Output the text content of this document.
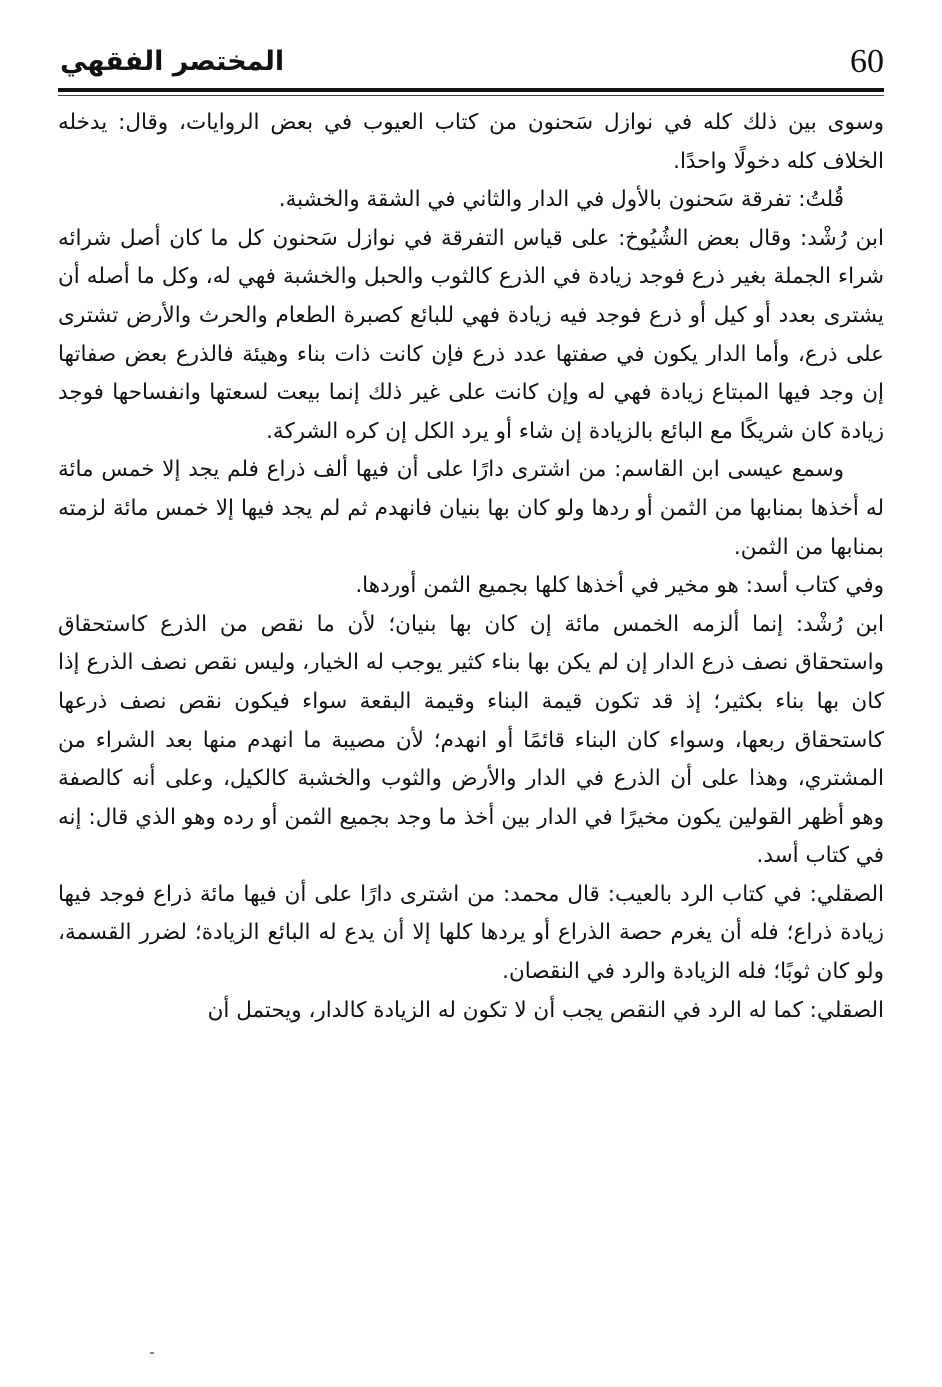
60
المختصر الفقهي

وسوى بين ذلك كله في نوازل سَحنون من كتاب العيوب في بعض الروايات، وقال: يدخله الخلاف كله دخولًا واحدًا.

قُلتُ: تفرقة سَحنون بالأول في الدار والثاني في الشقة والخشبة.

ابن رُشْد: وقال بعض الشُيُوخ: على قياس التفرقة في نوازل سَحنون كل ما كان أصل شرائه شراء الجملة بغير ذرع فوجد زيادة في الذرع كالثوب والحبل والخشبة فهي له، وكل ما أصله أن يشترى بعدد أو كيل أو ذرع فوجد فيه زيادة فهي للبائع كصبرة الطعام والحرث والأرض تشترى على ذرع، وأما الدار يكون في صفتها عدد ذرع فإن كانت ذات بناء وهيئة فالذرع بعض صفاتها إن وجد فيها المبتاع زيادة فهي له وإن كانت على غير ذلك إنما بيعت لسعتها وانفساحها فوجد زيادة كان شريكًا مع البائع بالزيادة إن شاء أو يرد الكل إن كره الشركة.

وسمع عيسى ابن القاسم: من اشترى دارًا على أن فيها ألف ذراع فلم يجد إلا خمس مائة له أخذها بمنابها من الثمن أو ردها ولو كان بها بنيان فانهدم ثم لم يجد فيها إلا خمس مائة لزمته بمنابها من الثمن.

وفي كتاب أسد: هو مخير في أخذها كلها بجميع الثمن أوردها.

ابن رُشْد: إنما ألزمه الخمس مائة إن كان بها بنيان؛ لأن ما نقص من الذرع كاستحقاق واستحقاق نصف ذرع الدار إن لم يكن بها بناء كثير يوجب له الخيار، وليس نقص نصف الذرع إذا كان بها بناء بكثير؛ إذ قد تكون قيمة البناء وقيمة البقعة سواء فيكون نقص نصف ذرعها كاستحقاق ربعها، وسواء كان البناء قائمًا أو انهدم؛ لأن مصيبة ما انهدم منها بعد الشراء من المشتري، وهذا على أن الذرع في الدار والأرض والثوب والخشبة كالكيل، وعلى أنه كالصفة وهو أظهر القولين يكون مخيرًا في الدار بين أخذ ما وجد بجميع الثمن أو رده وهو الذي قال: إنه في كتاب أسد.

الصقلي: في كتاب الرد بالعيب: قال محمد: من اشترى دارًا على أن فيها مائة ذراع فوجد فيها زيادة ذراع؛ فله أن يغرم حصة الذراع أو يردها كلها إلا أن يدع له البائع الزيادة؛ لضرر القسمة، ولو كان ثوبًا؛ فله الزيادة والرد في النقصان.

الصقلي: كما له الرد في النقص يجب أن لا تكون له الزيادة كالدار، ويحتمل أن
